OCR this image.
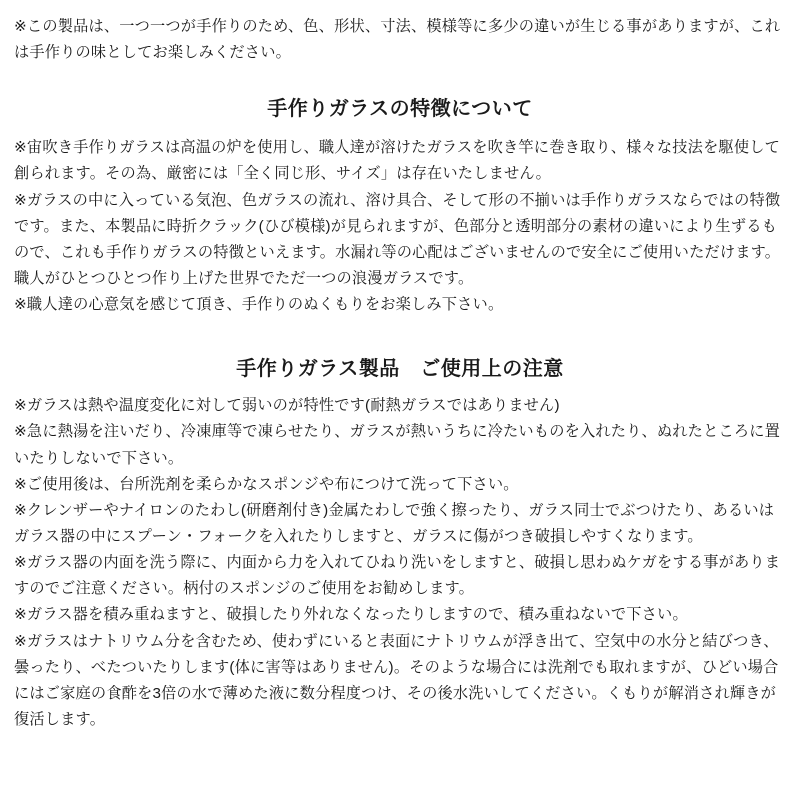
※この製品は、一つ一つが手作りのため、色、形状、寸法、模様等に多少の違いが生じる事がありますが、これは手作りの味としてお楽しみください。

手作りガラスの特徴について

※宙吹き手作りガラスは高温の炉を使用し、職人達が溶けたガラスを吹き竿に巻き取り、様々な技法を駆使して創られます。その為、厳密には「全く同じ形、サイズ」は存在いたしません。

※ガラスの中に入っている気泡、色ガラスの流れ、溶け具合、そして形の不揃いは手作りガラスならではの特徴です。また、本製品に時折クラック(ひび模様)が見られますが、色部分と透明部分の素材の違いにより生ずるもので、これも手作りガラスの特徴といえます。水漏れ等の心配はございませんので安全にご使用いただけます。職人がひとつひとつ作り上げた世界でただ一つの浪漫ガラスです。

※職人達の心意気を感じて頂き、手作りのぬくもりをお楽しみ下さい。

手作りガラス製品　ご使用上の注意

※ガラスは熱や温度変化に対して弱いのが特性です(耐熱ガラスではありません)

※急に熱湯を注いだり、冷凍庫等で凍らせたり、ガラスが熱いうちに冷たいものを入れたり、ぬれたところに置いたりしないで下さい。

※ご使用後は、台所洗剤を柔らかなスポンジや布につけて洗って下さい。

※クレンザーやナイロンのたわし(研磨剤付き)金属たわしで強く擦ったり、ガラス同士でぶつけたり、あるいはガラス器の中にスプーン・フォークを入れたりしますと、ガラスに傷がつき破損しやすくなります。

※ガラス器の内面を洗う際に、内面から力を入れてひねり洗いをしますと、破損し思わぬケガをする事がありますのでご注意ください。柄付のスポンジのご使用をお勧めします。

※ガラス器を積み重ねますと、破損したり外れなくなったりしますので、積み重ねないで下さい。

※ガラスはナトリウム分を含むため、使わずにいると表面にナトリウムが浮き出て、空気中の水分と結びつき、曇ったり、べたついたりします(体に害等はありません)。そのような場合には洗剤でも取れますが、ひどい場合にはご家庭の食酢を3倍の水で薄めた液に数分程度つけ、その後水洗いしてください。くもりが解消され輝きが復活します。
